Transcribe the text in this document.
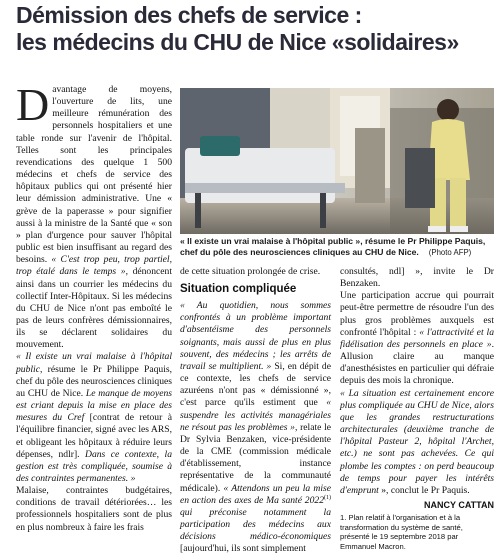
Démission des chefs de service :
les médecins du CHU de Nice «solidaires»

Davantage de moyens, l'ouverture de lits, une meilleure rémunération des personnels hospitaliers et une table ronde sur l'avenir de l'hôpital. Telles sont les principales revendications des quelque 1 500 médecins et chefs de service des hôpitaux publics qui ont présenté hier leur démission administrative. Une « grève de la paperasse » pour signifier aussi à la ministre de la Santé que « son » plan d'urgence pour sauver l'hôpital public est bien insuffisant au regard des besoins. « C'est trop peu, trop partiel, trop étalé dans le temps », dénoncent ainsi dans un courrier les médecins du collectif Inter-Hôpitaux. Si les médecins du CHU de Nice n'ont pas emboîté le pas de leurs confrères démissionnaires, ils se déclarent solidaires du mouvement.

« Il existe un vrai malaise à l'hôpital public, résume le Pr Philippe Paquis, chef du pôle des neurosciences cliniques au CHU de Nice. Le manque de moyens est criant depuis la mise en place des mesures du Cref [contrat de retour à l'équilibre financier, signé avec les ARS, et obligeant les hôpitaux à réduire leurs dépenses, ndlr]. Dans ce contexte, la gestion est très compliquée, soumise à des contraintes permanentes. »

Malaise, contraintes budgétaires, conditions de travail détériorées… les professionnels hospitaliers sont de plus en plus nombreux à faire les frais

« Il existe un vrai malaise à l'hôpital public », résume le Pr Philippe Paquis, chef du pôle des neurosciences cliniques au CHU de Nice. (Photo AFP)

de cette situation prolongée de crise.

Situation compliquée

« Au quotidien, nous sommes confrontés à un problème important d'absentéisme des personnels soignants, mais aussi de plus en plus souvent, des médecins ; les arrêts de travail se multiplient. » Si, en dépit de ce contexte, les chefs de service azuréens n'ont pas « démissionné », c'est parce qu'ils estiment que « suspendre les activités managériales ne résout pas les problèmes », relate le Dr Sylvia Benzaken, vice-présidente de la CME (commission médicale d'établissement, instance représentative de la communauté médicale). « Attendons un peu la mise en action des axes de Ma santé 2022$^{(1)}$ qui préconise notamment la participation des médecins aux décisions médico-économiques [aujourd'hui, ils sont simplement

consultés, ndl] », invite le Dr Benzaken.

Une participation accrue qui pourrait peut-être permettre de résoudre l'un des plus gros problèmes auxquels est confronté l'hôpital : « l'attractivité et la fidélisation des personnels en place ». Allusion claire au manque d'anesthésistes en particulier qui défraie depuis des mois la chronique.

« La situation est certainement encore plus compliquée au CHU de Nice, alors que les grandes restructurations architecturales (deuxième tranche de l'hôpital Pasteur 2, hôpital l'Archet, etc.) ne sont pas achevées. Ce qui plombe les comptes : on perd beaucoup de temps pour payer les intérêts d'emprunt », conclut le Pr Paquis.

NANCY CATTAN
1. Plan relatif à l'organisation et à la transformation du système de santé, présenté le 19 septembre 2018 par Emmanuel Macron.
